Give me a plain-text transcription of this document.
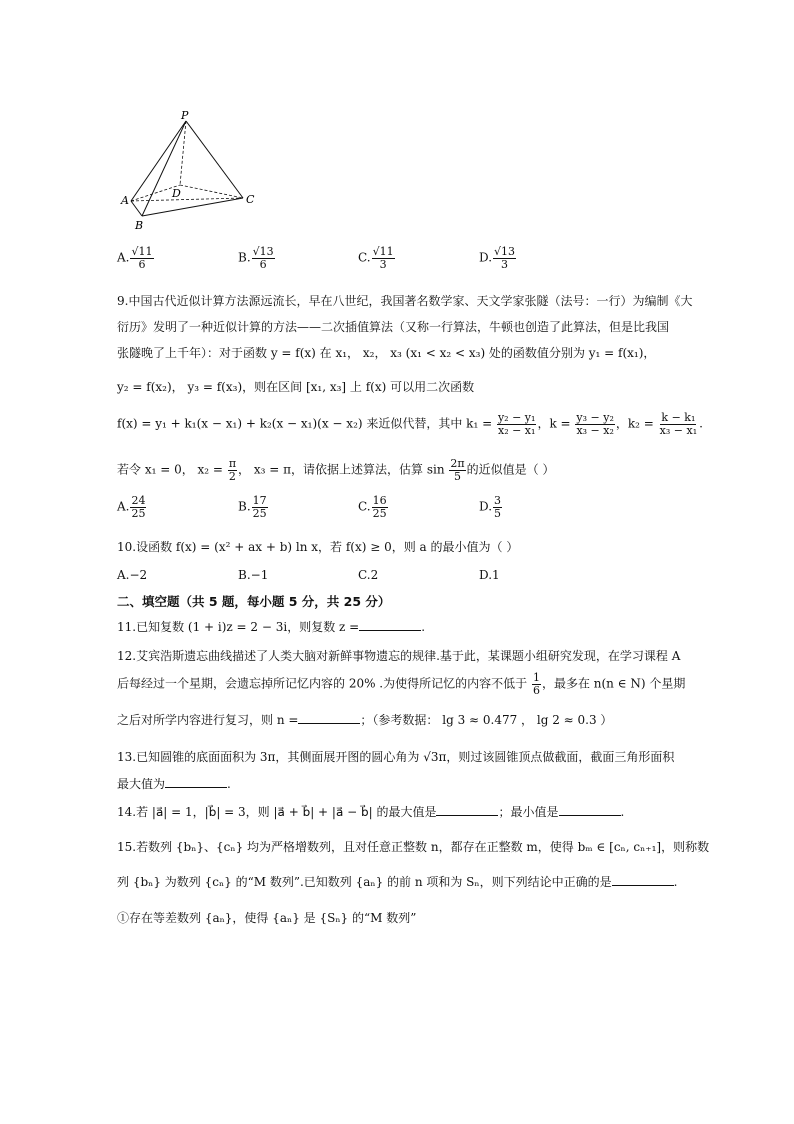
P
A
B
C
D
A. $\frac{√11}{6}$	B. $\frac{√13}{6}$	C. $\frac{√11}{3}$	D. $\frac{√13}{3}$
9.中国古代近似计算方法源远流长，早在八世纪，我国著名数学家、天文学家张隧（法号：一行）为编制《大
衍历》发明了一种近似计算的方法——二次插值算法（又称一行算法，牛顿也创造了此算法，但是比我国
张隧晚了上千年）：对于函数 y = f(x) 在 x₁， x₂， x₃ (x₁ < x₂ < x₃) 处的函数值分别为 y₁ = f(x₁)，
y₂ = f(x₂)， y₃ = f(x₃)，则在区间 [x₁, x₃] 上 f(x) 可以用二次函数
f(x) = y₁ + k₁(x − x₁) + k₂(x − x₁)(x − x₂) 来近似代替，其中 $k_1 = \frac{\text{y₂ − y₁}}{\text{x₂ − x₁}}$ ，$k = \frac{\text{y₃ − y₂}}{\text{x₃ − x₂}}$ ，$k_2 = \frac{\text{k − k₁}}{\text{x₃ − x₁}}$ .
若令 x₁ = 0， $x_2 = \frac{\pi}{2}$ ， x₃ = π，请依据上述算法，估算 $\sin \frac{2\pi}{5}$ 的近似值是（ ）
A. $\frac{24}{25}$	B. $\frac{17}{25}$	C. $\frac{16}{25}$	D. $\frac{3}{5}$
10.设函数 f(x) = (x² + ax + b) ln x，若 f(x) ≥ 0，则 a 的最小值为（ ）
A.−2	B.−1	C.2	D.1
二、填空题（共 5 题，每小题 5 分，共 25 分）
11.已知复数 (1 + i)z = 2 − 3i，则复数 z =	.
12.艾宾浩斯遗忘曲线描述了人类大脑对新鲜事物遗忘的规律.基于此，某课题小组研究发现，在学习课程 A
后每经过一个星期，会遗忘掉所记忆内容的 20% .为使得所记忆的内容不低于 $\frac{1}{6}$ ，最多在 n(n ∈ N) 个星期
之后对所学内容进行复习，则 n =	；（参考数据： lg 3 ≈ 0.477 ， lg 2 ≈ 0.3 ）
13.已知圆锥的底面面积为 3π，其侧面展开图的圆心角为 √3π，则过该圆锥顶点做截面，截面三角形面积
最大值为	.
14.若 |a⃗| = 1，|b⃗| = 3，则 |a⃗ + b⃗| + |a⃗ − b⃗| 的最大值是	；最小值是	.
15.若数列 {bₙ}、{cₙ} 均为严格增数列，且对任意正整数 n，都存在正整数 m，使得 bₘ ∈ [cₙ, cₙ₊₁]，则称数
列 {bₙ} 为数列 {cₙ} 的“M 数列”.已知数列 {aₙ} 的前 n 项和为 Sₙ，则下列结论中正确的是	.
①存在等差数列 {aₙ}，使得 {aₙ} 是 {Sₙ} 的“M 数列”
